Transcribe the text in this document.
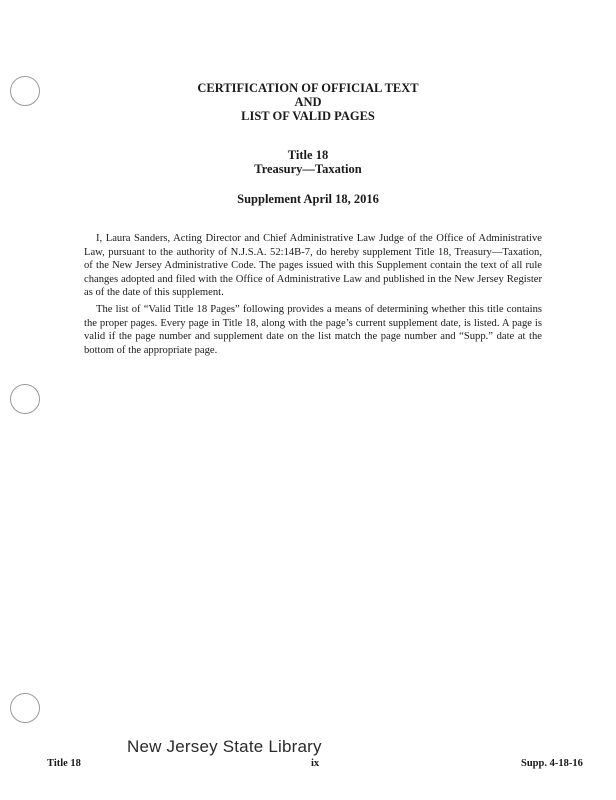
CERTIFICATION OF OFFICIAL TEXT
AND
LIST OF VALID PAGES
Title 18
Treasury—Taxation
Supplement April 18, 2016

I, Laura Sanders, Acting Director and Chief Administrative Law Judge of the Office of Administrative Law, pursuant to the authority of N.J.S.A. 52:14B-7, do hereby supplement Title 18, Treasury—Taxation, of the New Jersey Administrative Code. The pages issued with this Supplement contain the text of all rule changes adopted and filed with the Office of Administrative Law and published in the New Jersey Register as of the date of this supplement.

The list of “Valid Title 18 Pages” following provides a means of determining whether this title contains the proper pages. Every page in Title 18, along with the page’s current supplement date, is listed. A page is valid if the page number and supplement date on the list match the page number and “Supp.” date at the bottom of the appropriate page.

New Jersey State Library
Title 18	ix	Supp. 4-18-16
